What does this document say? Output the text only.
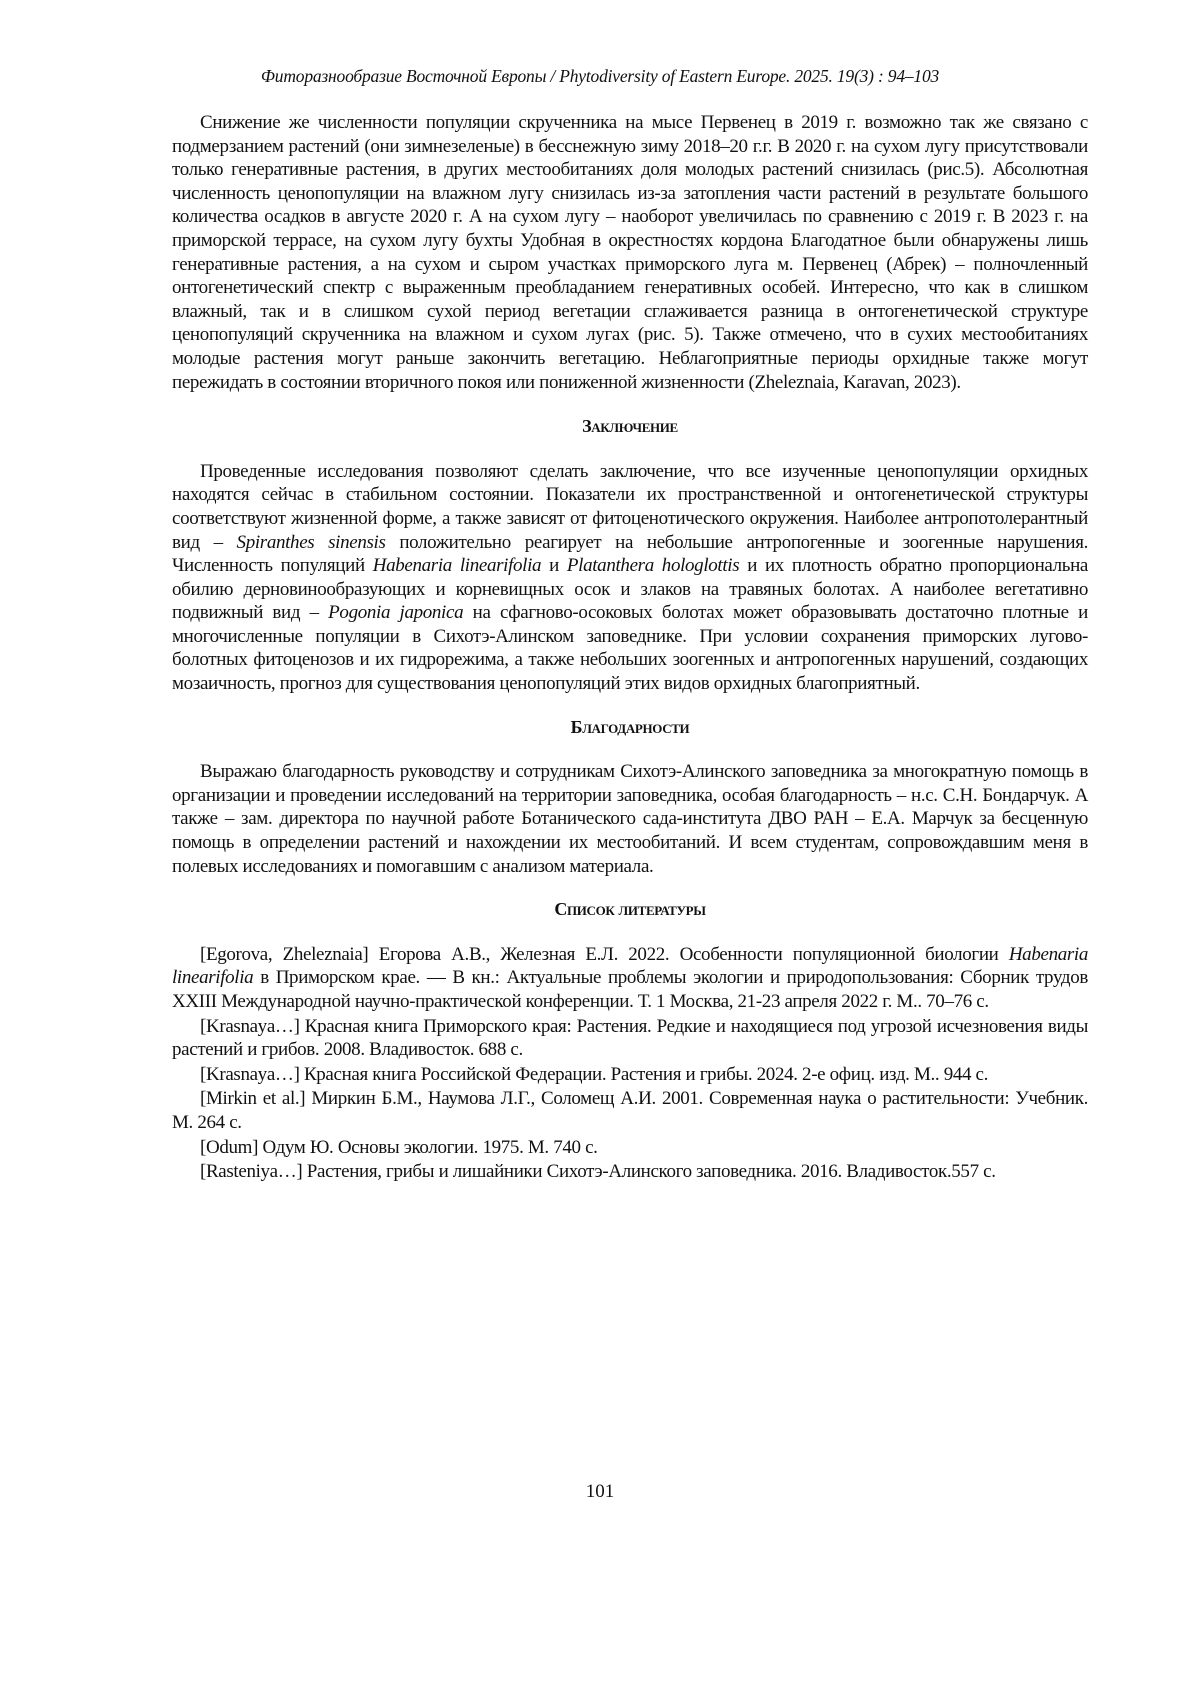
Фиторазнообразие Восточной Европы / Phytodiversity of Eastern Europe. 2025. 19(3) : 94–103

Снижение же численности популяции скрученника на мысе Первенец в 2019 г. возможно так же связано с подмерзанием растений (они зимнезеленые) в бесснежную зиму 2018–20 г.г. В 2020 г. на сухом лугу присутствовали только генеративные растения, в других местообитаниях доля молодых растений снизилась (рис.5). Абсолютная численность ценопопуляции на влажном лугу снизилась из-за затопления части растений в результате большого количества осадков в августе 2020 г. А на сухом лугу – наоборот увеличилась по сравнению с 2019 г. В 2023 г. на приморской террасе, на сухом лугу бухты Удобная в окрестностях кордона Благодатное были обнаружены лишь генеративные растения, а на сухом и сыром участках приморского луга м. Первенец (Абрек) – полночленный онтогенетический спектр с выраженным преобладанием генеративных особей. Интересно, что как в слишком влажный, так и в слишком сухой период вегетации сглаживается разница в онтогенетической структуре ценопопуляций скрученника на влажном и сухом лугах (рис. 5). Также отмечено, что в сухих местообитаниях молодые растения могут раньше закончить вегетацию. Неблагоприятные периоды орхидные также могут пережидать в состоянии вторичного покоя или пониженной жизненности (Zheleznaia, Karavan, 2023).

Заключение

Проведенные исследования позволяют сделать заключение, что все изученные ценопопуляции орхидных находятся сейчас в стабильном состоянии. Показатели их пространственной и онтогенетической структуры соответствуют жизненной форме, а также зависят от фитоценотического окружения. Наиболее антропотолерантный вид – Spiranthes sinensis положительно реагирует на небольшие антропогенные и зоогенные нарушения. Численность популяций Habenaria linearifolia и Platanthera hologlottis и их плотность обратно пропорциональна обилию дерновинообразующих и корневищных осок и злаков на травяных болотах. А наиболее вегетативно подвижный вид – Pogonia japonica на сфагново-осоковых болотах может образовывать достаточно плотные и многочисленные популяции в Сихотэ-Алинском заповеднике. При условии сохранения приморских лугово-болотных фитоценозов и их гидрорежима, а также небольших зоогенных и антропогенных нарушений, создающих мозаичность, прогноз для существования ценопопуляций этих видов орхидных благоприятный.

Благодарности

Выражаю благодарность руководству и сотрудникам Сихотэ-Алинского заповедника за многократную помощь в организации и проведении исследований на территории заповедника, особая благодарность – н.с. С.Н. Бондарчук. А также – зам. директора по научной работе Ботанического сада-института ДВО РАН – Е.А. Марчук за бесценную помощь в определении растений и нахождении их местообитаний. И всем студентам, сопровождавшим меня в полевых исследованиях и помогавшим с анализом материала.

Список литературы

[Egorova, Zheleznaia] Егорова А.В., Железная Е.Л. 2022. Особенности популяционной биологии Habenaria linearifolia в Приморском крае. — В кн.: Актуальные проблемы экологии и природопользования: Сборник трудов XXIII Международной научно-практической конференции. Т. 1 Москва, 21-23 апреля 2022 г. М.. 70–76 с.

[Krasnaya…] Красная книга Приморского края: Растения. Редкие и находящиеся под угрозой исчезновения виды растений и грибов. 2008. Владивосток. 688 с.

[Krasnaya…] Красная книга Российской Федерации. Растения и грибы. 2024. 2-е офиц. изд. М.. 944 с.

[Mirkin et al.] Миркин Б.М., Наумова Л.Г., Соломещ А.И. 2001. Современная наука о растительности: Учебник. М. 264 с.

[Odum] Одум Ю. Основы экологии. 1975. М. 740 с.

[Rasteniya…] Растения, грибы и лишайники Сихотэ-Алинского заповедника. 2016. Владивосток.557 с.

101
